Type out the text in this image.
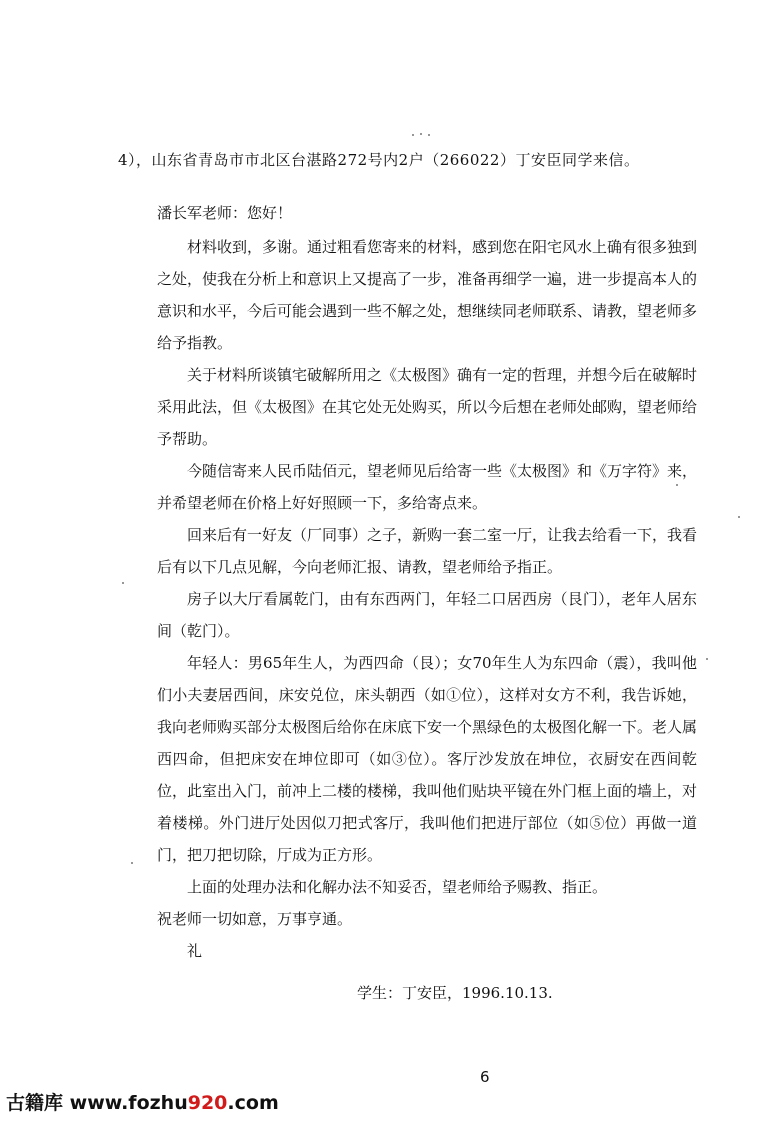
4），山东省青岛市市北区台湛路272号内2户（266022）丁安臣同学来信。

潘长军老师：您好！

材料收到，多谢。通过粗看您寄来的材料，感到您在阳宅风水上确有很多独到之处，使我在分析上和意识上又提高了一步，准备再细学一遍，进一步提高本人的意识和水平，今后可能会遇到一些不解之处，想继续同老师联系、请教，望老师多给予指教。

关于材料所谈镇宅破解所用之《太极图》确有一定的哲理，并想今后在破解时采用此法，但《太极图》在其它处无处购买，所以今后想在老师处邮购，望老师给予帮助。

今随信寄来人民币陆佰元，望老师见后给寄一些《太极图》和《万字符》来，并希望老师在价格上好好照顾一下，多给寄点来。

回来后有一好友（厂同事）之子，新购一套二室一厅，让我去给看一下，我看后有以下几点见解，今向老师汇报、请教，望老师给予指正。

房子以大厅看属乾门，由有东西两门，年轻二口居西房（艮门），老年人居东间（乾门）。

年轻人：男65年生人，为西四命（艮）；女70年生人为东四命（震），我叫他们小夫妻居西间，床安兑位，床头朝西（如①位），这样对女方不利，我告诉她，我向老师购买部分太极图后给你在床底下安一个黑绿色的太极图化解一下。老人属西四命，但把床安在坤位即可（如③位）。客厅沙发放在坤位，衣厨安在西间乾位，此室出入门，前冲上二楼的楼梯，我叫他们贴块平镜在外门框上面的墙上，对着楼梯。外门进厅处因似刀把式客厅，我叫他们把进厅部位（如⑤位）再做一道门，把刀把切除，厅成为正方形。

上面的处理办法和化解办法不知妥否，望老师给予赐教、指正。

祝老师一切如意，万事亨通。

礼

学生：丁安臣，1996.10.13.

6
古籍库 www.fozhu920.com
